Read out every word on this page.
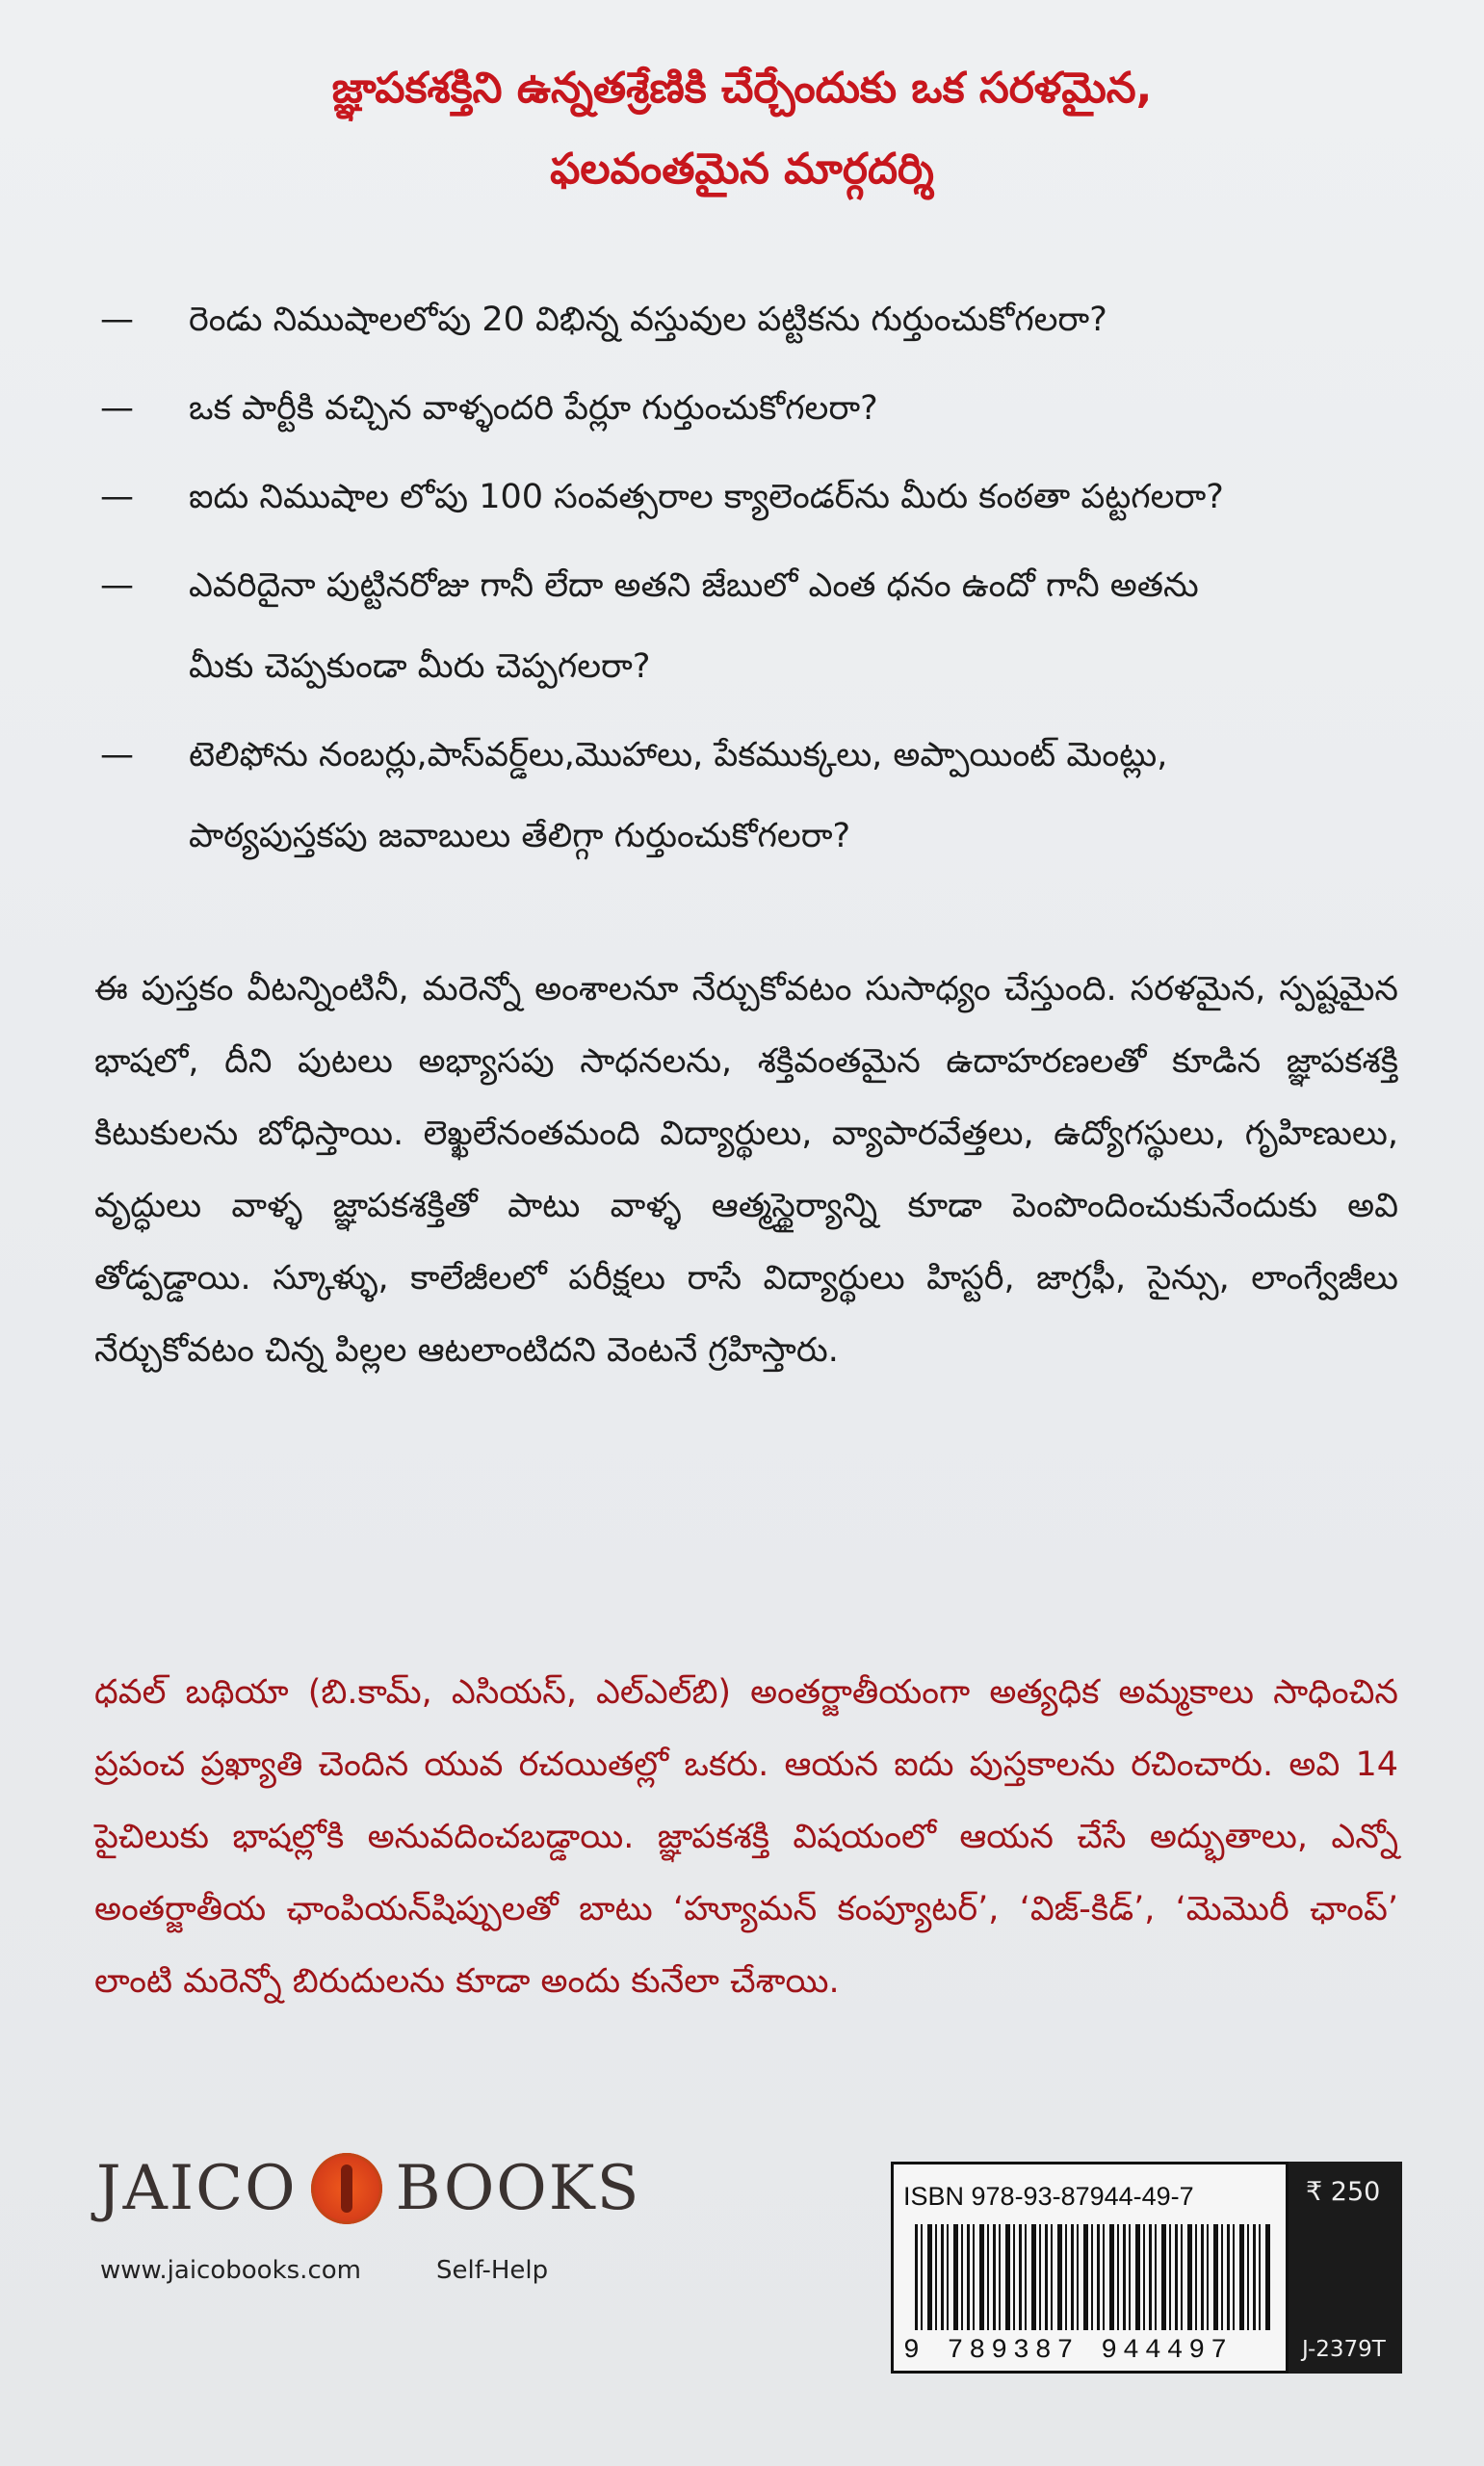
జ్ఞాపకశక్తిని ఉన్నతశ్రేణికి చేర్చేందుకు ఒక సరళమైన,
ఫలవంతమైన మార్గదర్శి
—	రెండు నిముషాలలోపు 20 విభిన్న వస్తువుల పట్టికను గుర్తుంచుకోగలరా?
—	ఒక పార్టీకి వచ్చిన వాళ్ళందరి పేర్లూ గుర్తుంచుకోగలరా?
—	ఐదు నిముషాల లోపు 100 సంవత్సరాల క్యాలెండర్‌ను మీరు కంఠతా పట్టగలరా?
—	ఎవరిదైనా పుట్టినరోజు గానీ లేదా అతని జేబులో ఎంత ధనం ఉందో గానీ అతను
మీకు చెప్పకుండా మీరు చెప్పగలరా?
—	టెలిఫోను నంబర్లు,పాస్‌వర్డ్‌లు,మొహాలు, పేకముక్కలు, అప్పాయింట్ మెంట్లు,
పాఠ్యపుస్తకపు జవాబులు తేలిగ్గా గుర్తుంచుకోగలరా?

ఈ పుస్తకం వీటన్నింటినీ, మరెన్నో అంశాలనూ నేర్చుకోవటం సుసాధ్యం చేస్తుంది. సరళమైన, స్పష్టమైన భాషలో, దీని పుటలు అభ్యాసపు సాధనలను, శక్తివంతమైన ఉదాహరణలతో కూడిన జ్ఞాపకశక్తి కిటుకులను బోధిస్తాయి. లెఖ్ఖలేనంతమంది విద్యార్థులు, వ్యాపారవేత్తలు, ఉద్యోగస్థులు, గృహిణులు, వృద్ధులు వాళ్ళ జ్ఞాపకశక్తితో పాటు వాళ్ళ ఆత్మస్థైర్యాన్ని కూడా పెంపొందించుకునేందుకు అవి తోడ్పడ్డాయి. స్కూళ్ళు, కాలేజీలలో పరీక్షలు రాసే విద్యార్థులు హిస్టరీ, జాగ్రఫీ, సైన్సు, లాంగ్వేజీలు నేర్చుకోవటం చిన్న పిల్లల ఆటలాంటిదని వెంటనే గ్రహిస్తారు.

ధవల్ బథియా (బి.కామ్, ఎసియస్, ఎల్ఎల్‌బి) అంతర్జాతీయంగా అత్యధిక అమ్మకాలు సాధించిన ప్రపంచ ప్రఖ్యాతి చెందిన యువ రచయితల్లో ఒకరు. ఆయన ఐదు పుస్తకాలను రచించారు. అవి 14 పైచిలుకు భాషల్లోకి అనువదించబడ్డాయి. జ్ఞాపకశక్తి విషయంలో ఆయన చేసే అద్భుతాలు, ఎన్నో అంతర్జాతీయ ఛాంపియన్‌షిప్పులతో బాటు ‘హ్యూమన్ కంప్యూటర్’, ‘విజ్-కిడ్’, ‘మెమొరీ ఛాంప్’ లాంటి మరెన్నో బిరుదులను కూడా అందు కునేలా చేశాయి.

JAICO BOOKS
www.jaicobooks.com	Self-Help
ISBN 978-93-87944-49-7
9 789387 944497
₹ 250
J-2379T
